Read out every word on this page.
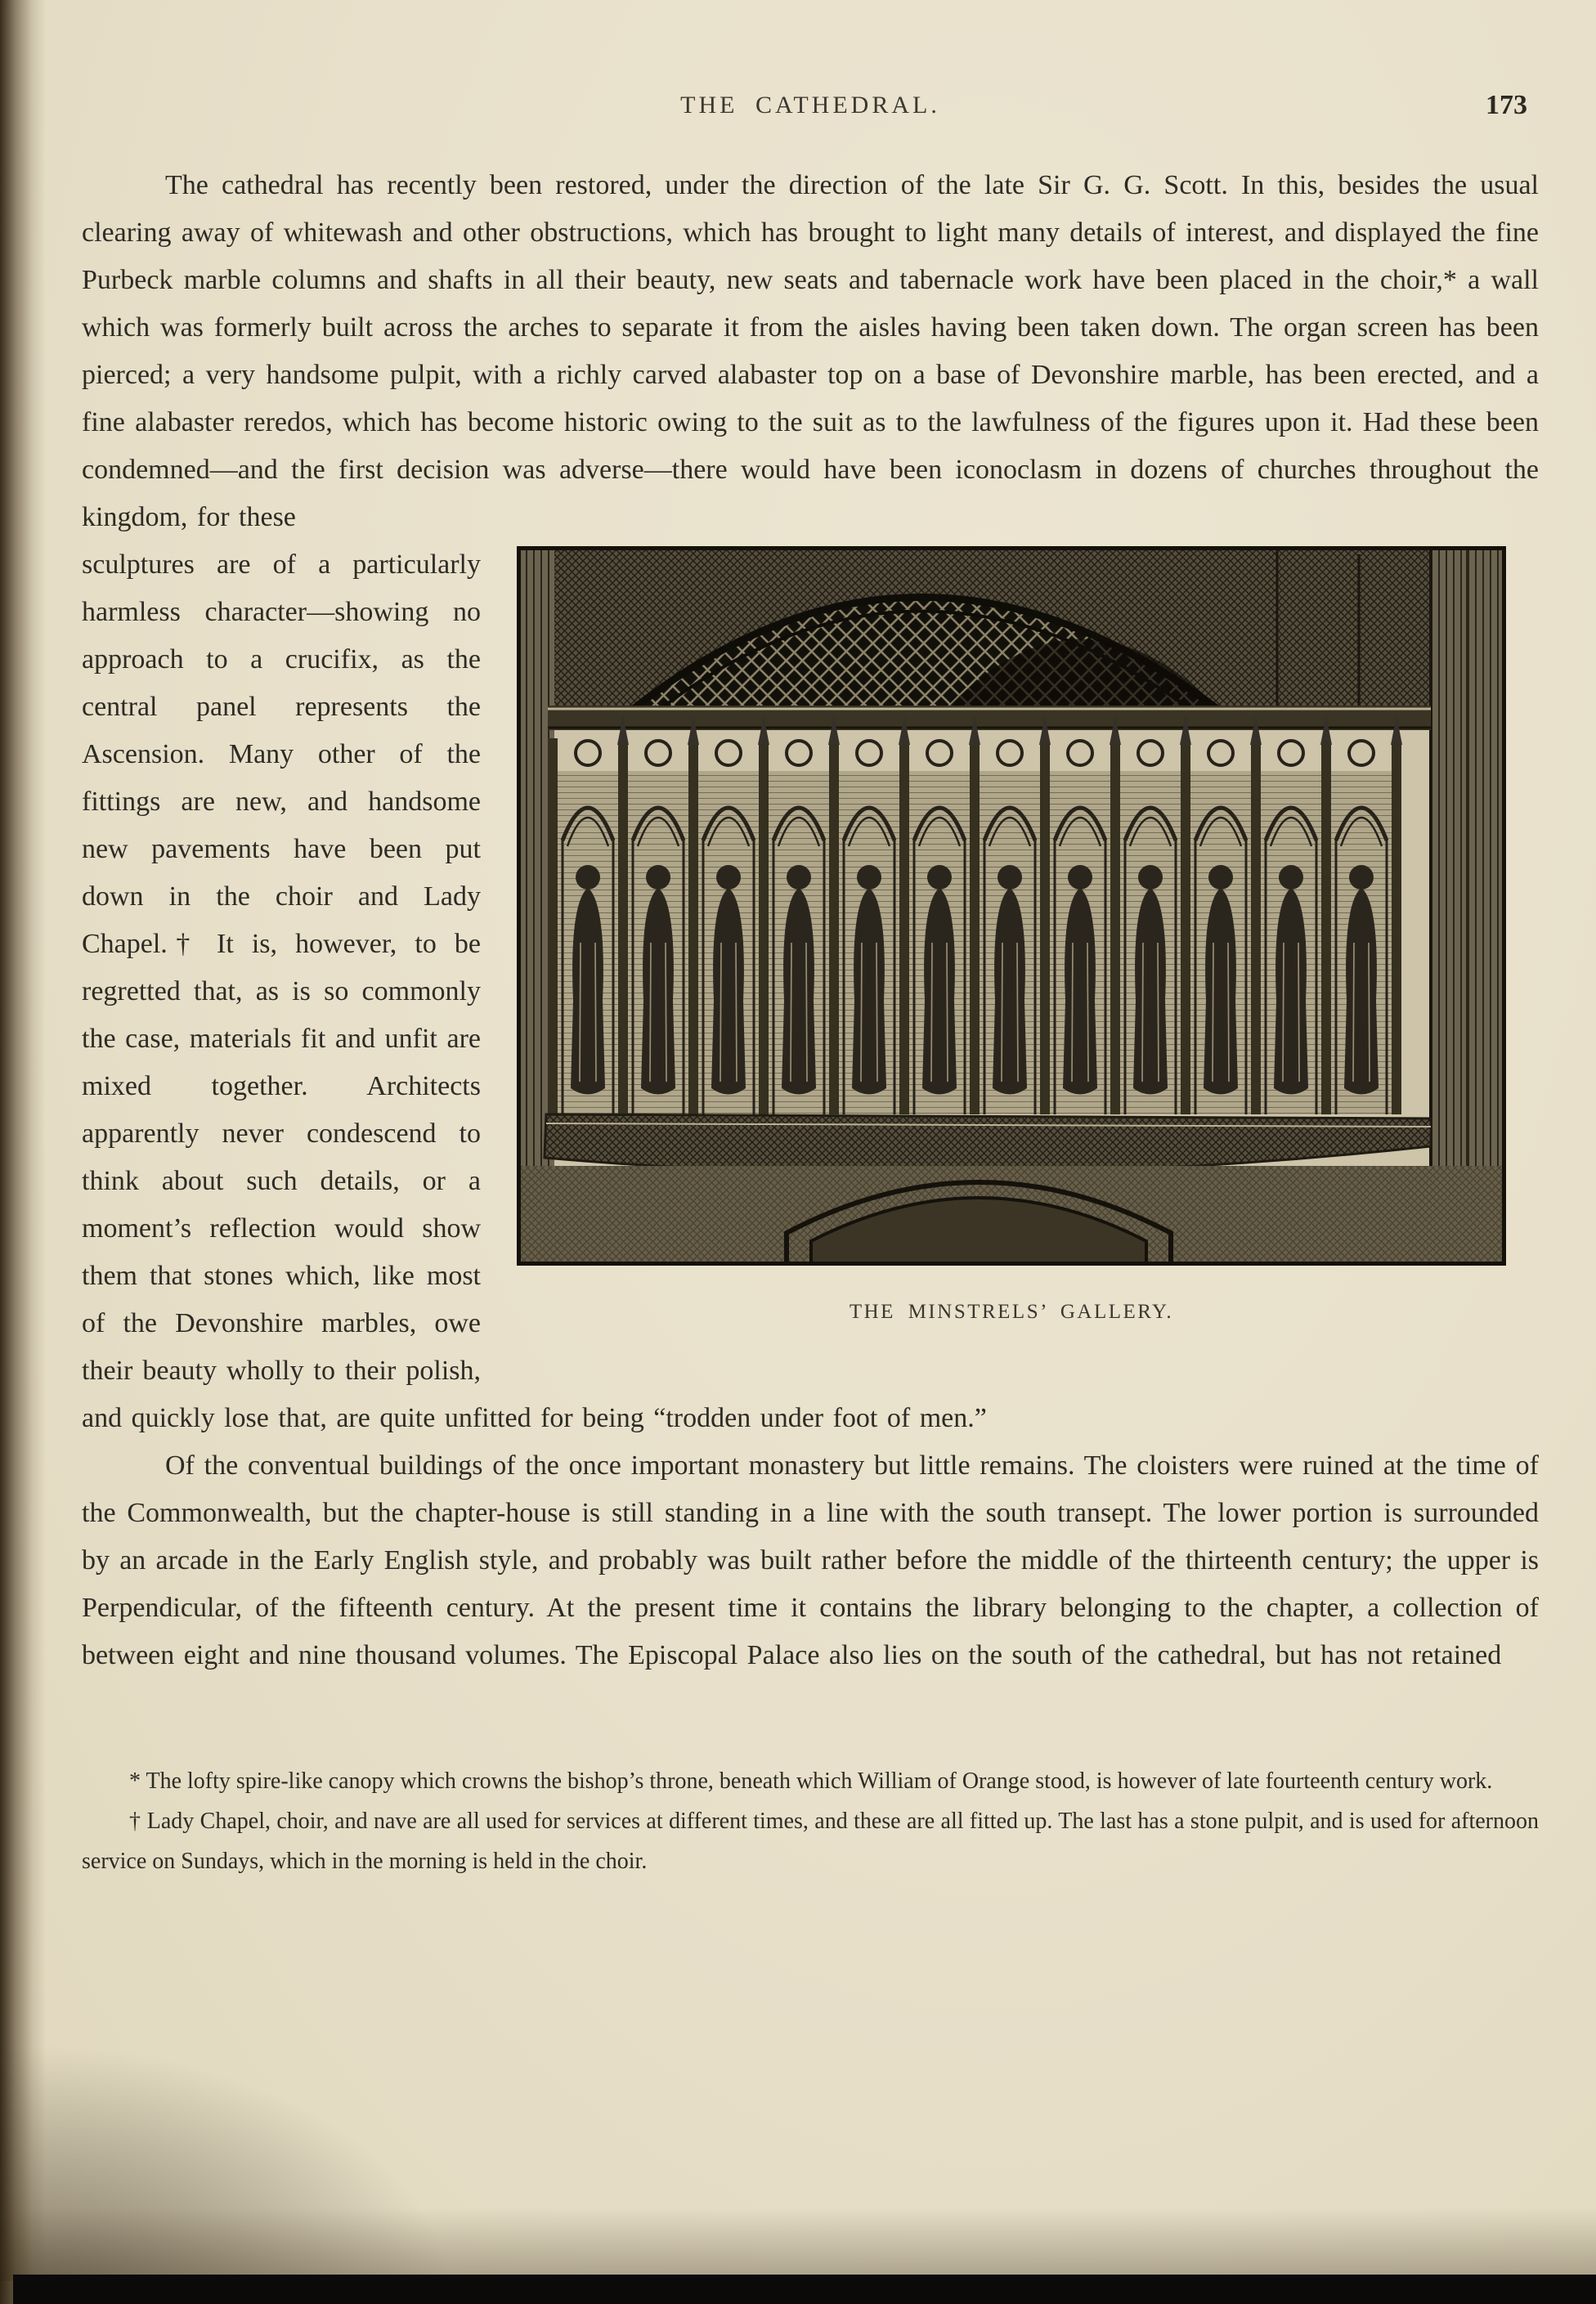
THE CATHEDRAL.	173

The cathedral has recently been restored, under the direction of the late Sir G. G. Scott. In this, besides the usual clearing away of whitewash and other obstructions, which has brought to light many details of interest, and displayed the fine Purbeck marble columns and shafts in all their beauty, new seats and tabernacle work have been placed in the choir,* a wall which was formerly built across the arches to separate it from the aisles having been taken down. The organ screen has been pierced; a very handsome pulpit, with a richly carved alabaster top on a base of Devonshire marble, has been erected, and a fine alabaster reredos, which has become historic owing to the suit as to the lawfulness of the figures upon it. Had these been condemned—and the first decision was adverse—there would have been iconoclasm in dozens of churches throughout the kingdom, for these

THE MINSTRELS’ GALLERY.

sculptures are of a particularly harmless character—showing no approach to a crucifix, as the central panel represents the Ascension. Many other of the fittings are new, and handsome new pavements have been put down in the choir and Lady Chapel.† It is, however, to be regretted that, as is so commonly the case, materials fit and unfit are mixed together. Architects apparently never condescend to think about such details, or a moment’s reflection would show them that stones which, like most of the Devonshire marbles, owe their beauty wholly to their polish, and quickly lose that, are quite unfitted for being “trodden under foot of men.”

Of the conventual buildings of the once important monastery but little remains. The cloisters were ruined at the time of the Commonwealth, but the chapter-house is still standing in a line with the south transept. The lower portion is surrounded by an arcade in the Early English style, and probably was built rather before the middle of the thirteenth century; the upper is Perpendicular, of the fifteenth century. At the present time it contains the library belonging to the chapter, a collection of between eight and nine thousand volumes. The Episcopal Palace also lies on the south of the cathedral, but has not retained

* The lofty spire-like canopy which crowns the bishop’s throne, beneath which William of Orange stood, is however of late fourteenth century work.

† Lady Chapel, choir, and nave are all used for services at different times, and these are all fitted up. The last has a stone pulpit, and is used for afternoon service on Sundays, which in the morning is held in the choir.
